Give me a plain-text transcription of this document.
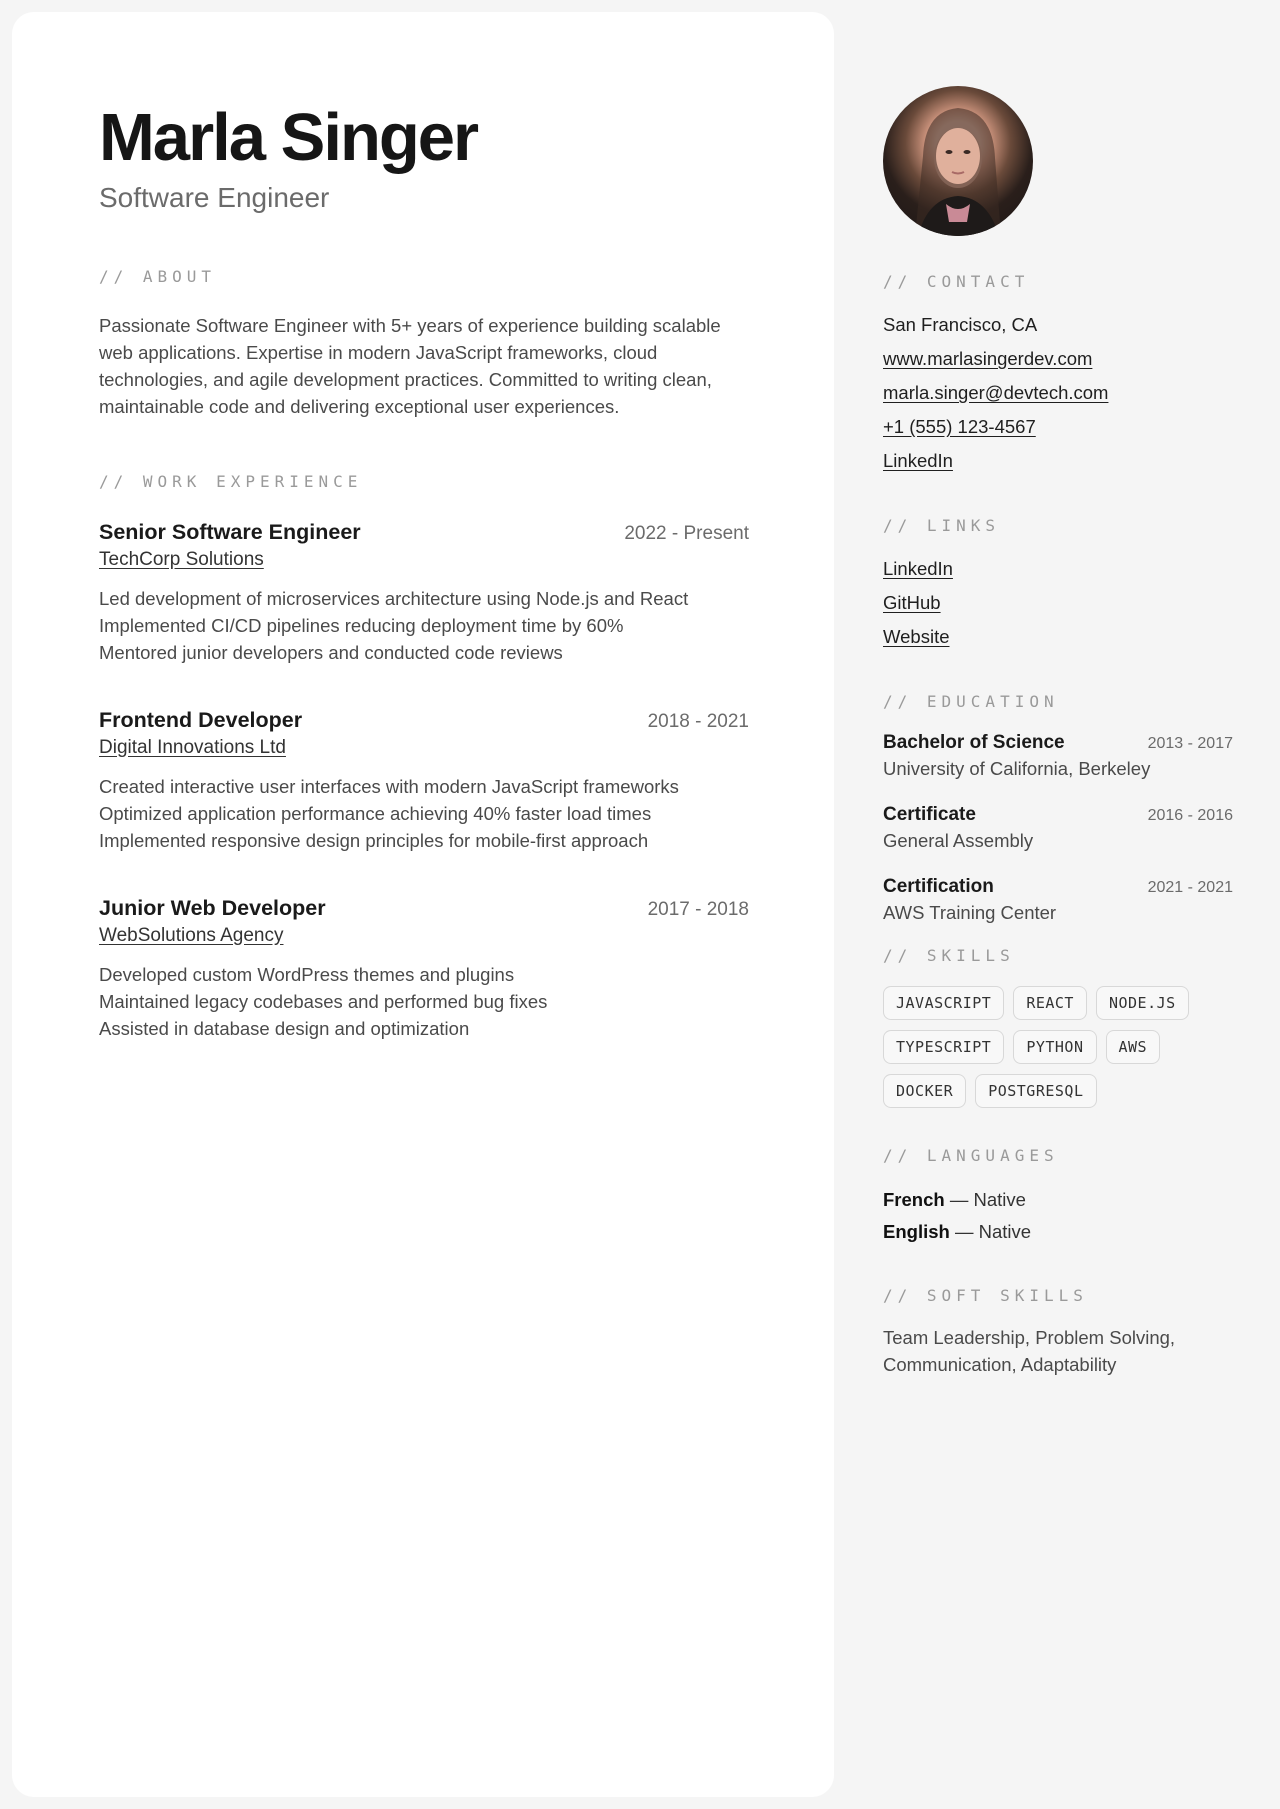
Marla Singer
Software Engineer
// ABOUT

Passionate Software Engineer with 5+ years of experience building scalable web applications. Expertise in modern JavaScript frameworks, cloud technologies, and agile development practices. Committed to writing clean, maintainable code and delivering exceptional user experiences.

// WORK EXPERIENCE
Senior Software Engineer	2022 - Present
TechCorp Solutions
Led development of microservices architecture using Node.js and React
Implemented CI/CD pipelines reducing deployment time by 60%
Mentored junior developers and conducted code reviews
Frontend Developer	2018 - 2021
Digital Innovations Ltd
Created interactive user interfaces with modern JavaScript frameworks
Optimized application performance achieving 40% faster load times
Implemented responsive design principles for mobile-first approach
Junior Web Developer	2017 - 2018
WebSolutions Agency
Developed custom WordPress themes and plugins
Maintained legacy codebases and performed bug fixes
Assisted in database design and optimization
// CONTACT
San Francisco, CA
www.marlasingerdev.com
marla.singer@devtech.com
+1 (555) 123-4567
LinkedIn
// LINKS
LinkedIn
GitHub
Website
// EDUCATION
Bachelor of Science	2013 - 2017
University of California, Berkeley
Certificate	2016 - 2016
General Assembly
Certification	2021 - 2021
AWS Training Center
// SKILLS
JAVASCRIPT	REACT	NODE.JS
TYPESCRIPT	PYTHON	AWS
DOCKER	POSTGRESQL
// LANGUAGES
French — Native
English — Native
// SOFT SKILLS

Team Leadership, Problem Solving, Communication, Adaptability
